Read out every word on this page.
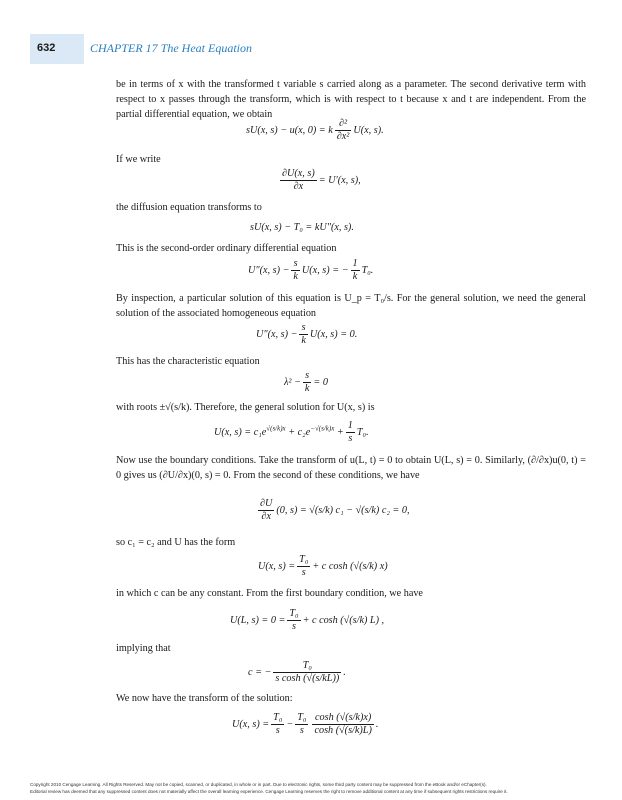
632	CHAPTER 17 The Heat Equation

be in terms of x with the transformed t variable s carried along as a parameter. The second derivative term with respect to x passes through the transform, which is with respect to t because x and t are independent. From the partial differential equation, we obtain

sU(x, s) − u(x, 0) = k
∂²
∂x²
U(x, s).

If we write

$\frac{\partial U(x, s)}{\partial x} = U'(x$, s),

the diffusion equation transforms to

sU(x, s) − T₀ = kU″(x, s).

This is the second-order ordinary differential equation

U″(x, $s) - \frac{s}{k} U(x$, s) = − $\frac{1}{k} T_0$.

By inspection, a particular solution of this equation is U_p = T₀/s. For the general solution, we need the general solution of the associated homogeneous equation

U″(x, $s) - \frac{s}{k} U(x$, s) = 0.

This has the characteristic equation

$\lambda^2 - \frac{s}{k} = 0$

with roots ±√(s/k). Therefore, the general solution for U(x, s) is

U(x, $s) = c_1e^{√(s/k)x} + c_2e^{-√(s/k)x} + \frac{1}{s} T_0$.

Now use the boundary conditions. Take the transform of u(L, t) = 0 to obtain U(L, s) = 0. Similarly, (∂/∂x)u(0, t) = 0 gives us (∂U/∂x)(0, s) = 0. From the second of these conditions, we have

$\frac{\partial U}{\partial x} (0$, s) = √(s/k) c₁ − √(s/k) c₂ = 0,

so c₁ = c₂ and U has the form

U(x, $s) = \frac{\text{T₀}}{s} + c$ cosh (√(s/k) x)

in which c can be any constant. From the first boundary condition, we have

U(L, $s) = 0 = \frac{\text{T₀}}{s} + c$ cosh (√(s/k) L) ,

implying that

c = − $\frac{\text{T₀}}{\text{s cosh (√(s/kL))}}$ .

We now have the transform of the solution:

U(x, $s) = \frac{\text{T₀}}{s} - \frac{\text{T₀}}{s} \frac{\cosh (√(s/k)x)}{\cosh (√(s/k)L)}$ .
Copyright 2010 Cengage Learning. All Rights Reserved. May not be copied, scanned, or duplicated, in whole or in part. Due to electronic rights, some third party content may be suppressed from the eBook and/or eChapter(s).
Editorial review has deemed that any suppressed content does not materially affect the overall learning experience. Cengage Learning reserves the right to remove additional content at any time if subsequent rights restrictions require it.
